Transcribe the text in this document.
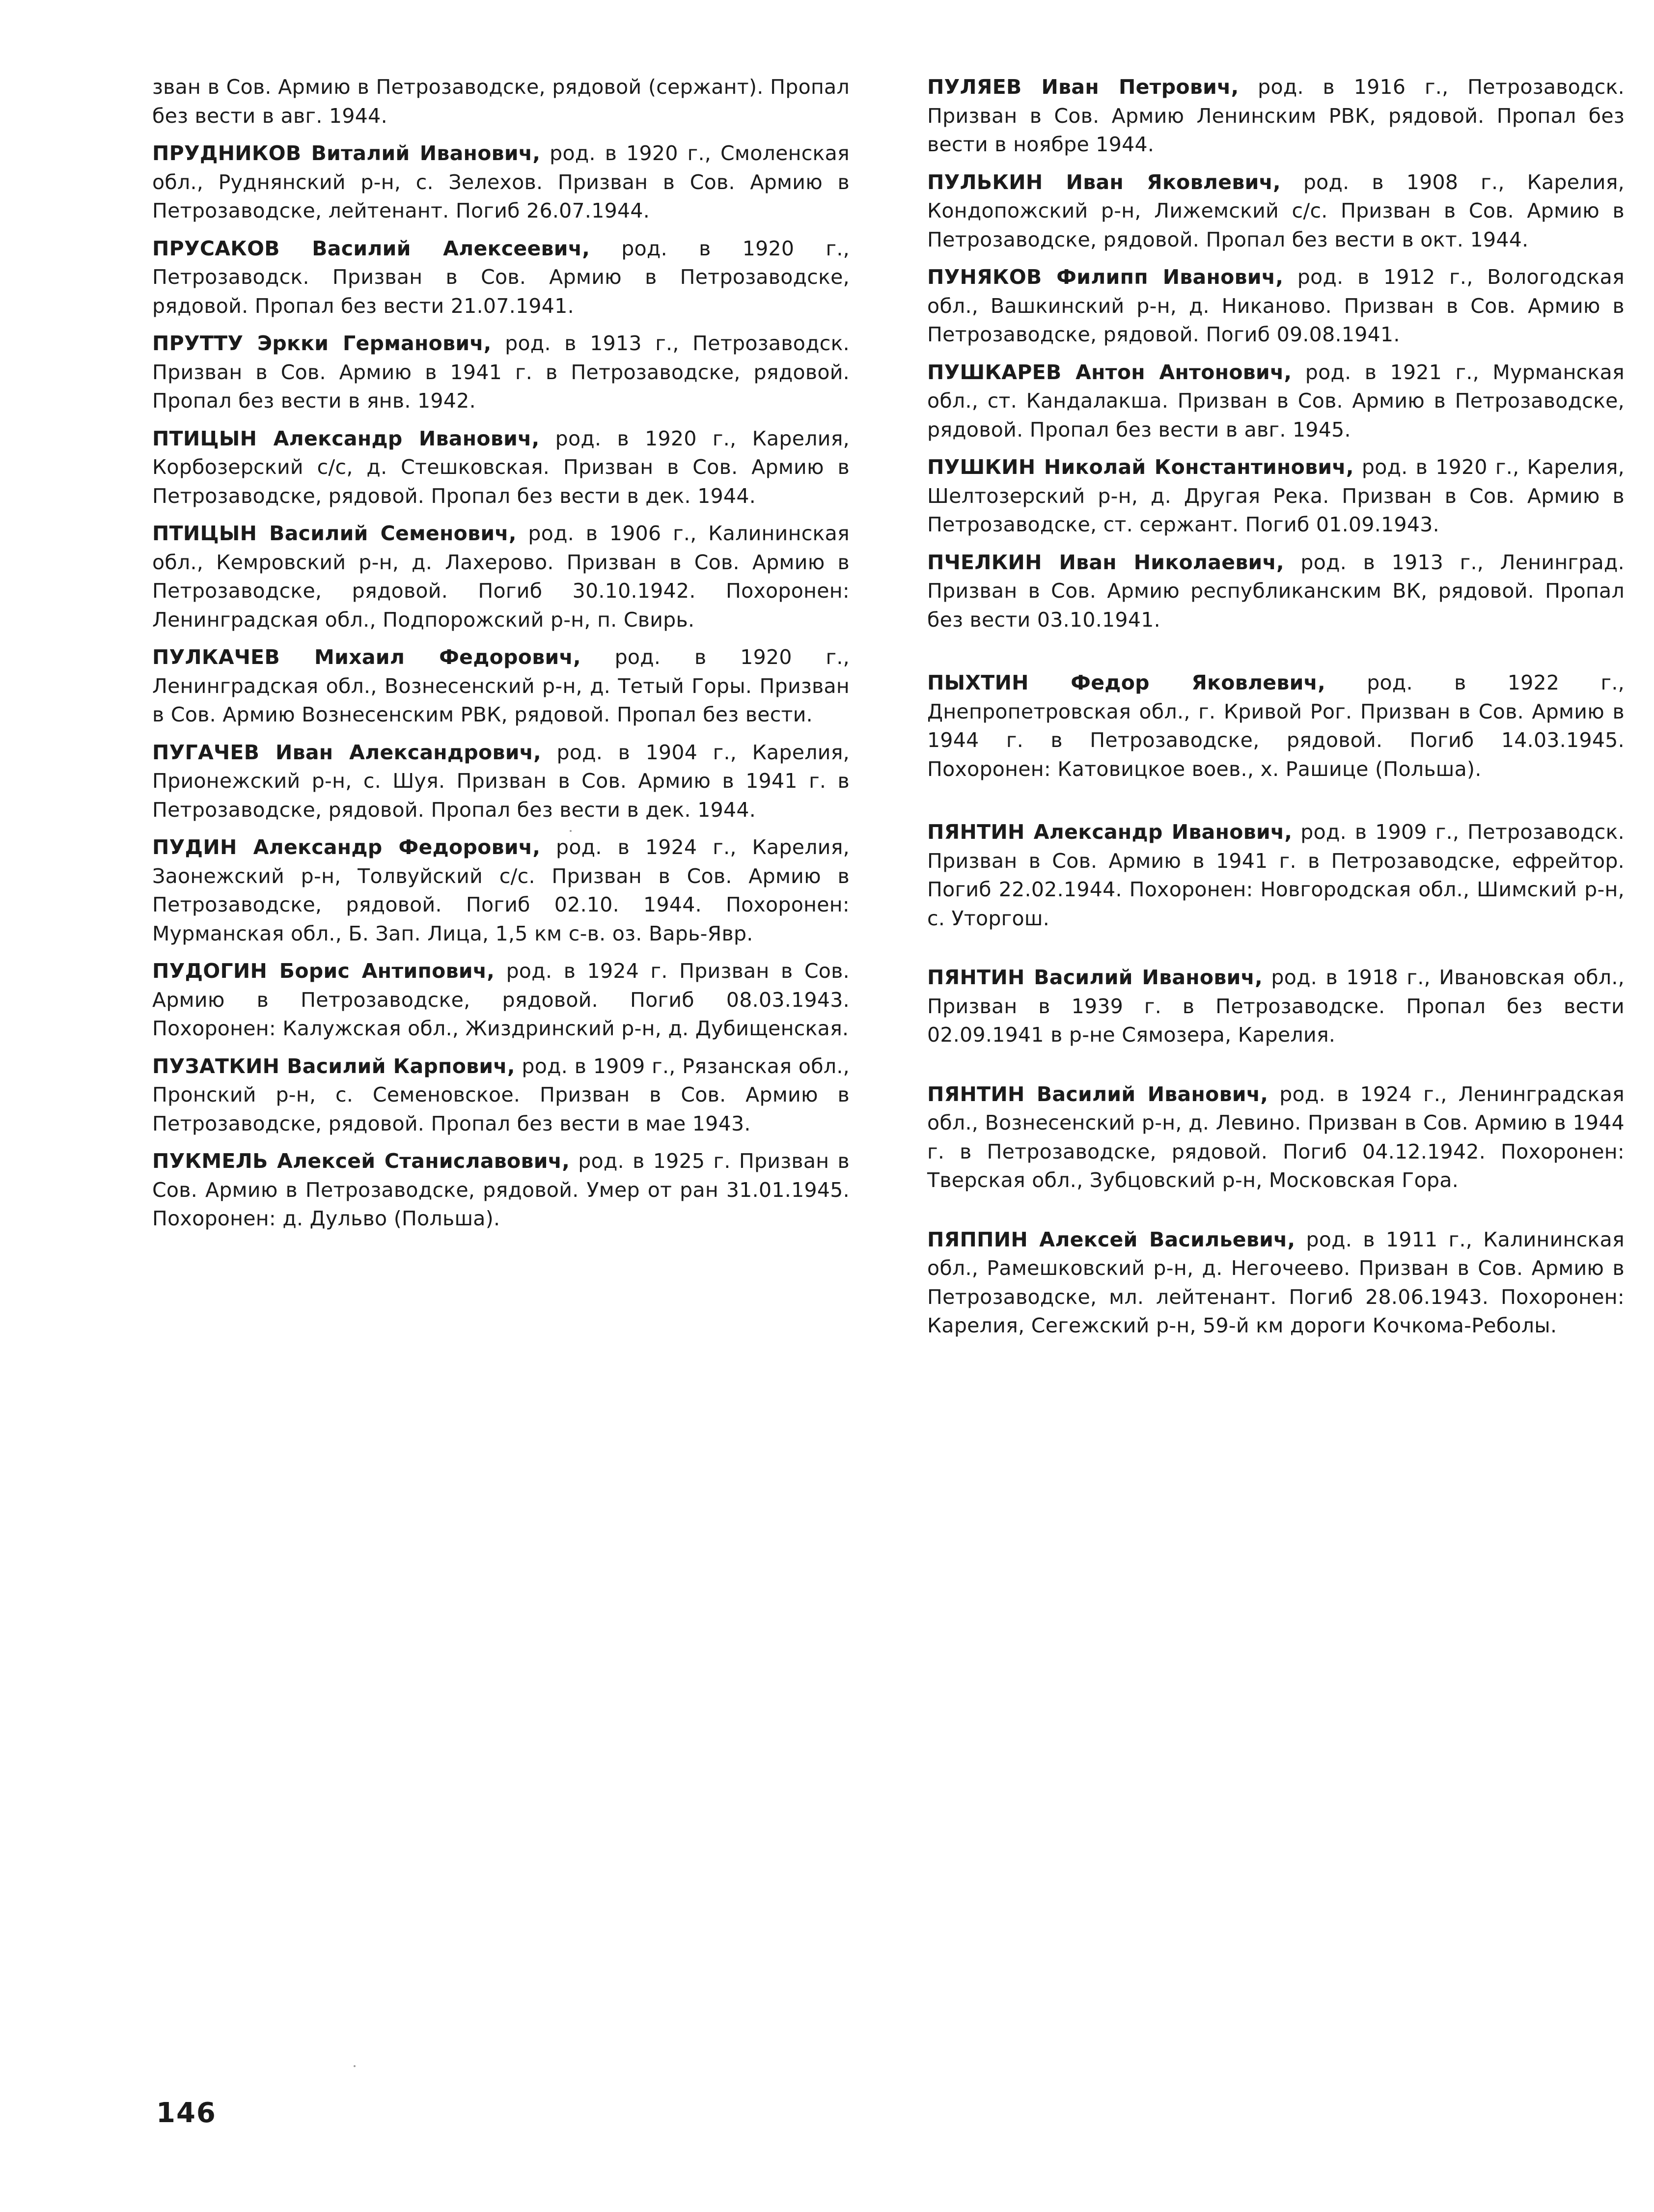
зван в Сов. Армию в Петрозаводске, рядовой (сержант). Пропал без вести в авг. 1944.

ПРУДНИКОВ Виталий Иванович, род. в 1920 г., Смоленская обл., Руднянский р-н, с. Зелехов. Призван в Сов. Армию в Петрозаводске, лейтенант. Погиб 26.07.1944.

ПРУСАКОВ Василий Алексеевич, род. в 1920 г., Петрозаводск. Призван в Сов. Армию в Петрозаводске, рядовой. Пропал без вести 21.07.1941.

ПРУТТУ Эркки Германович, род. в 1913 г., Петрозаводск. Призван в Сов. Армию в 1941 г. в Петрозаводске, рядовой. Пропал без вести в янв. 1942.

ПТИЦЫН Александр Иванович, род. в 1920 г., Карелия, Корбозерский с/с, д. Стешковская. Призван в Сов. Армию в Петрозаводске, рядовой. Пропал без вести в дек. 1944.

ПТИЦЫН Василий Семенович, род. в 1906 г., Калининская обл., Кемровский р-н, д. Лахерово. Призван в Сов. Армию в Петрозаводске, рядовой. Погиб 30.10.1942. Похоронен: Ленинградская обл., Подпорожский р-н, п. Свирь.

ПУЛКАЧЕВ Михаил Федорович, род. в 1920 г., Ленинградская обл., Вознесенский р-н, д. Тетый Горы. Призван в Сов. Армию Вознесенским РВК, рядовой. Пропал без вести.

ПУГАЧЕВ Иван Александрович, род. в 1904 г., Карелия, Прионежский р-н, с. Шуя. Призван в Сов. Армию в 1941 г. в Петрозаводске, рядовой. Пропал без вести в дек. 1944.

ПУДИН Александр Федорович, род. в 1924 г., Карелия, Заонежский р-н, Толвуйский с/с. Призван в Сов. Армию в Петрозаводске, рядовой. Погиб 02.10. 1944. Похоронен: Мурманская обл., Б. Зап. Лица, 1,5 км с-в. оз. Варь-Явр.

ПУДОГИН Борис Антипович, род. в 1924 г. Призван в Сов. Армию в Петрозаводске, рядовой. Погиб 08.03.1943. Похоронен: Калужская обл., Жиздринский р-н, д. Дубищенская.

ПУЗАТКИН Василий Карпович, род. в 1909 г., Рязанская обл., Пронский р-н, с. Семеновское. Призван в Сов. Армию в Петрозаводске, рядовой. Пропал без вести в мае 1943.

ПУКМЕЛЬ Алексей Станиславович, род. в 1925 г. Призван в Сов. Армию в Петрозаводске, рядовой. Умер от ран 31.01.1945. Похоронен: д. Дульво (Польша).

ПУЛЯЕВ Иван Петрович, род. в 1916 г., Петрозаводск. Призван в Сов. Армию Ленинским РВК, рядовой. Пропал без вести в ноябре 1944.

ПУЛЬКИН Иван Яковлевич, род. в 1908 г., Карелия, Кондопожский р-н, Лижемский с/с. Призван в Сов. Армию в Петрозаводске, рядовой. Пропал без вести в окт. 1944.

ПУНЯКОВ Филипп Иванович, род. в 1912 г., Вологодская обл., Вашкинский р-н, д. Никаново. Призван в Сов. Армию в Петрозаводске, рядовой. Погиб 09.08.1941.

ПУШКАРЕВ Антон Антонович, род. в 1921 г., Мурманская обл., ст. Кандалакша. Призван в Сов. Армию в Петрозаводске, рядовой. Пропал без вести в авг. 1945.

ПУШКИН Николай Константинович, род. в 1920 г., Карелия, Шелтозерский р-н, д. Другая Река. Призван в Сов. Армию в Петрозаводске, ст. сержант. Погиб 01.09.1943.

ПЧЕЛКИН Иван Николаевич, род. в 1913 г., Ленинград. Призван в Сов. Армию республиканским ВК, рядовой. Пропал без вести 03.10.1941.

ПЫХТИН Федор Яковлевич, род. в 1922 г., Днепропетровская обл., г. Кривой Рог. Призван в Сов. Армию в 1944 г. в Петрозаводске, рядовой. Погиб 14.03.1945. Похоронен: Катовицкое воев., х. Рашице (Польша).

ПЯНТИН Александр Иванович, род. в 1909 г., Петрозаводск. Призван в Сов. Армию в 1941 г. в Петрозаводске, ефрейтор. Погиб 22.02.1944. Похоронен: Новгородская обл., Шимский р-н, с. Уторгош.

ПЯНТИН Василий Иванович, род. в 1918 г., Ивановская обл., Призван в 1939 г. в Петрозаводске. Пропал без вести 02.09.1941 в р-не Сямозера, Карелия.

ПЯНТИН Василий Иванович, род. в 1924 г., Ленинградская обл., Вознесенский р-н, д. Левино. Призван в Сов. Армию в 1944 г. в Петрозаводске, рядовой. Погиб 04.12.1942. Похоронен: Тверская обл., Зубцовский р-н, Московская Гора.

ПЯППИН Алексей Васильевич, род. в 1911 г., Калининская обл., Рамешковский р-н, д. Негочеево. Призван в Сов. Армию в Петрозаводске, мл. лейтенант. Погиб 28.06.1943. Похоронен: Карелия, Сегежский р-н, 59-й км дороги Кочкома-Реболы.

146
